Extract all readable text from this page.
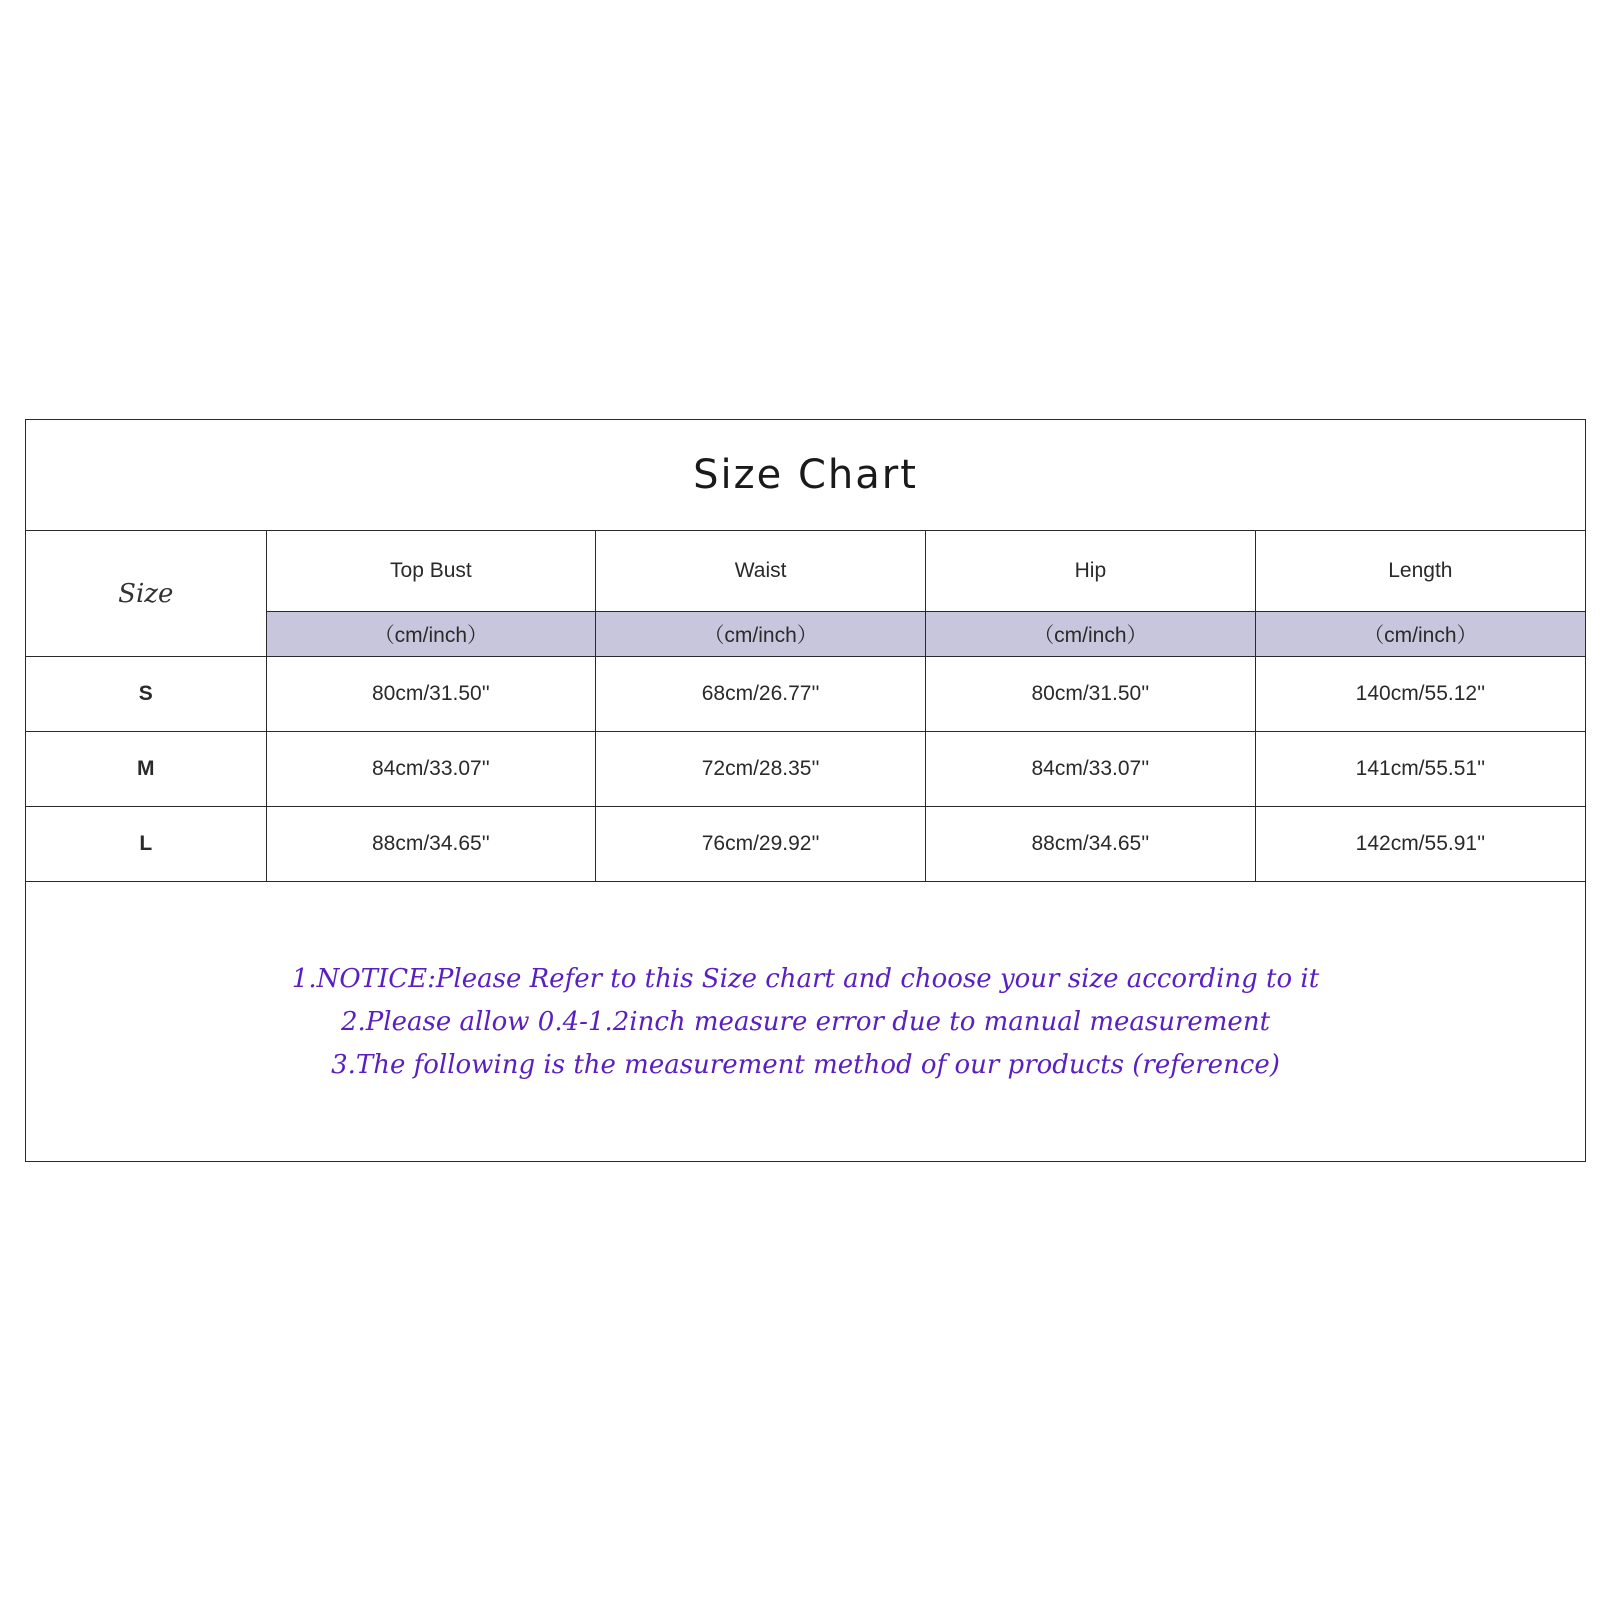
Size Chart
Size	Top Bust	Waist	Hip	Length
	（cm/inch）	（cm/inch）	（cm/inch）	（cm/inch）
S	80cm/31.50''	68cm/26.77''	80cm/31.50''	140cm/55.12''
M	84cm/33.07''	72cm/28.35''	84cm/33.07''	141cm/55.51''
L	88cm/34.65''	76cm/29.92''	88cm/34.65''	142cm/55.91''
1.NOTICE:Please Refer to this Size chart and choose your size according to it
2.Please allow 0.4-1.2inch measure error due to manual measurement
3.The following is the measurement method of our products (reference)
